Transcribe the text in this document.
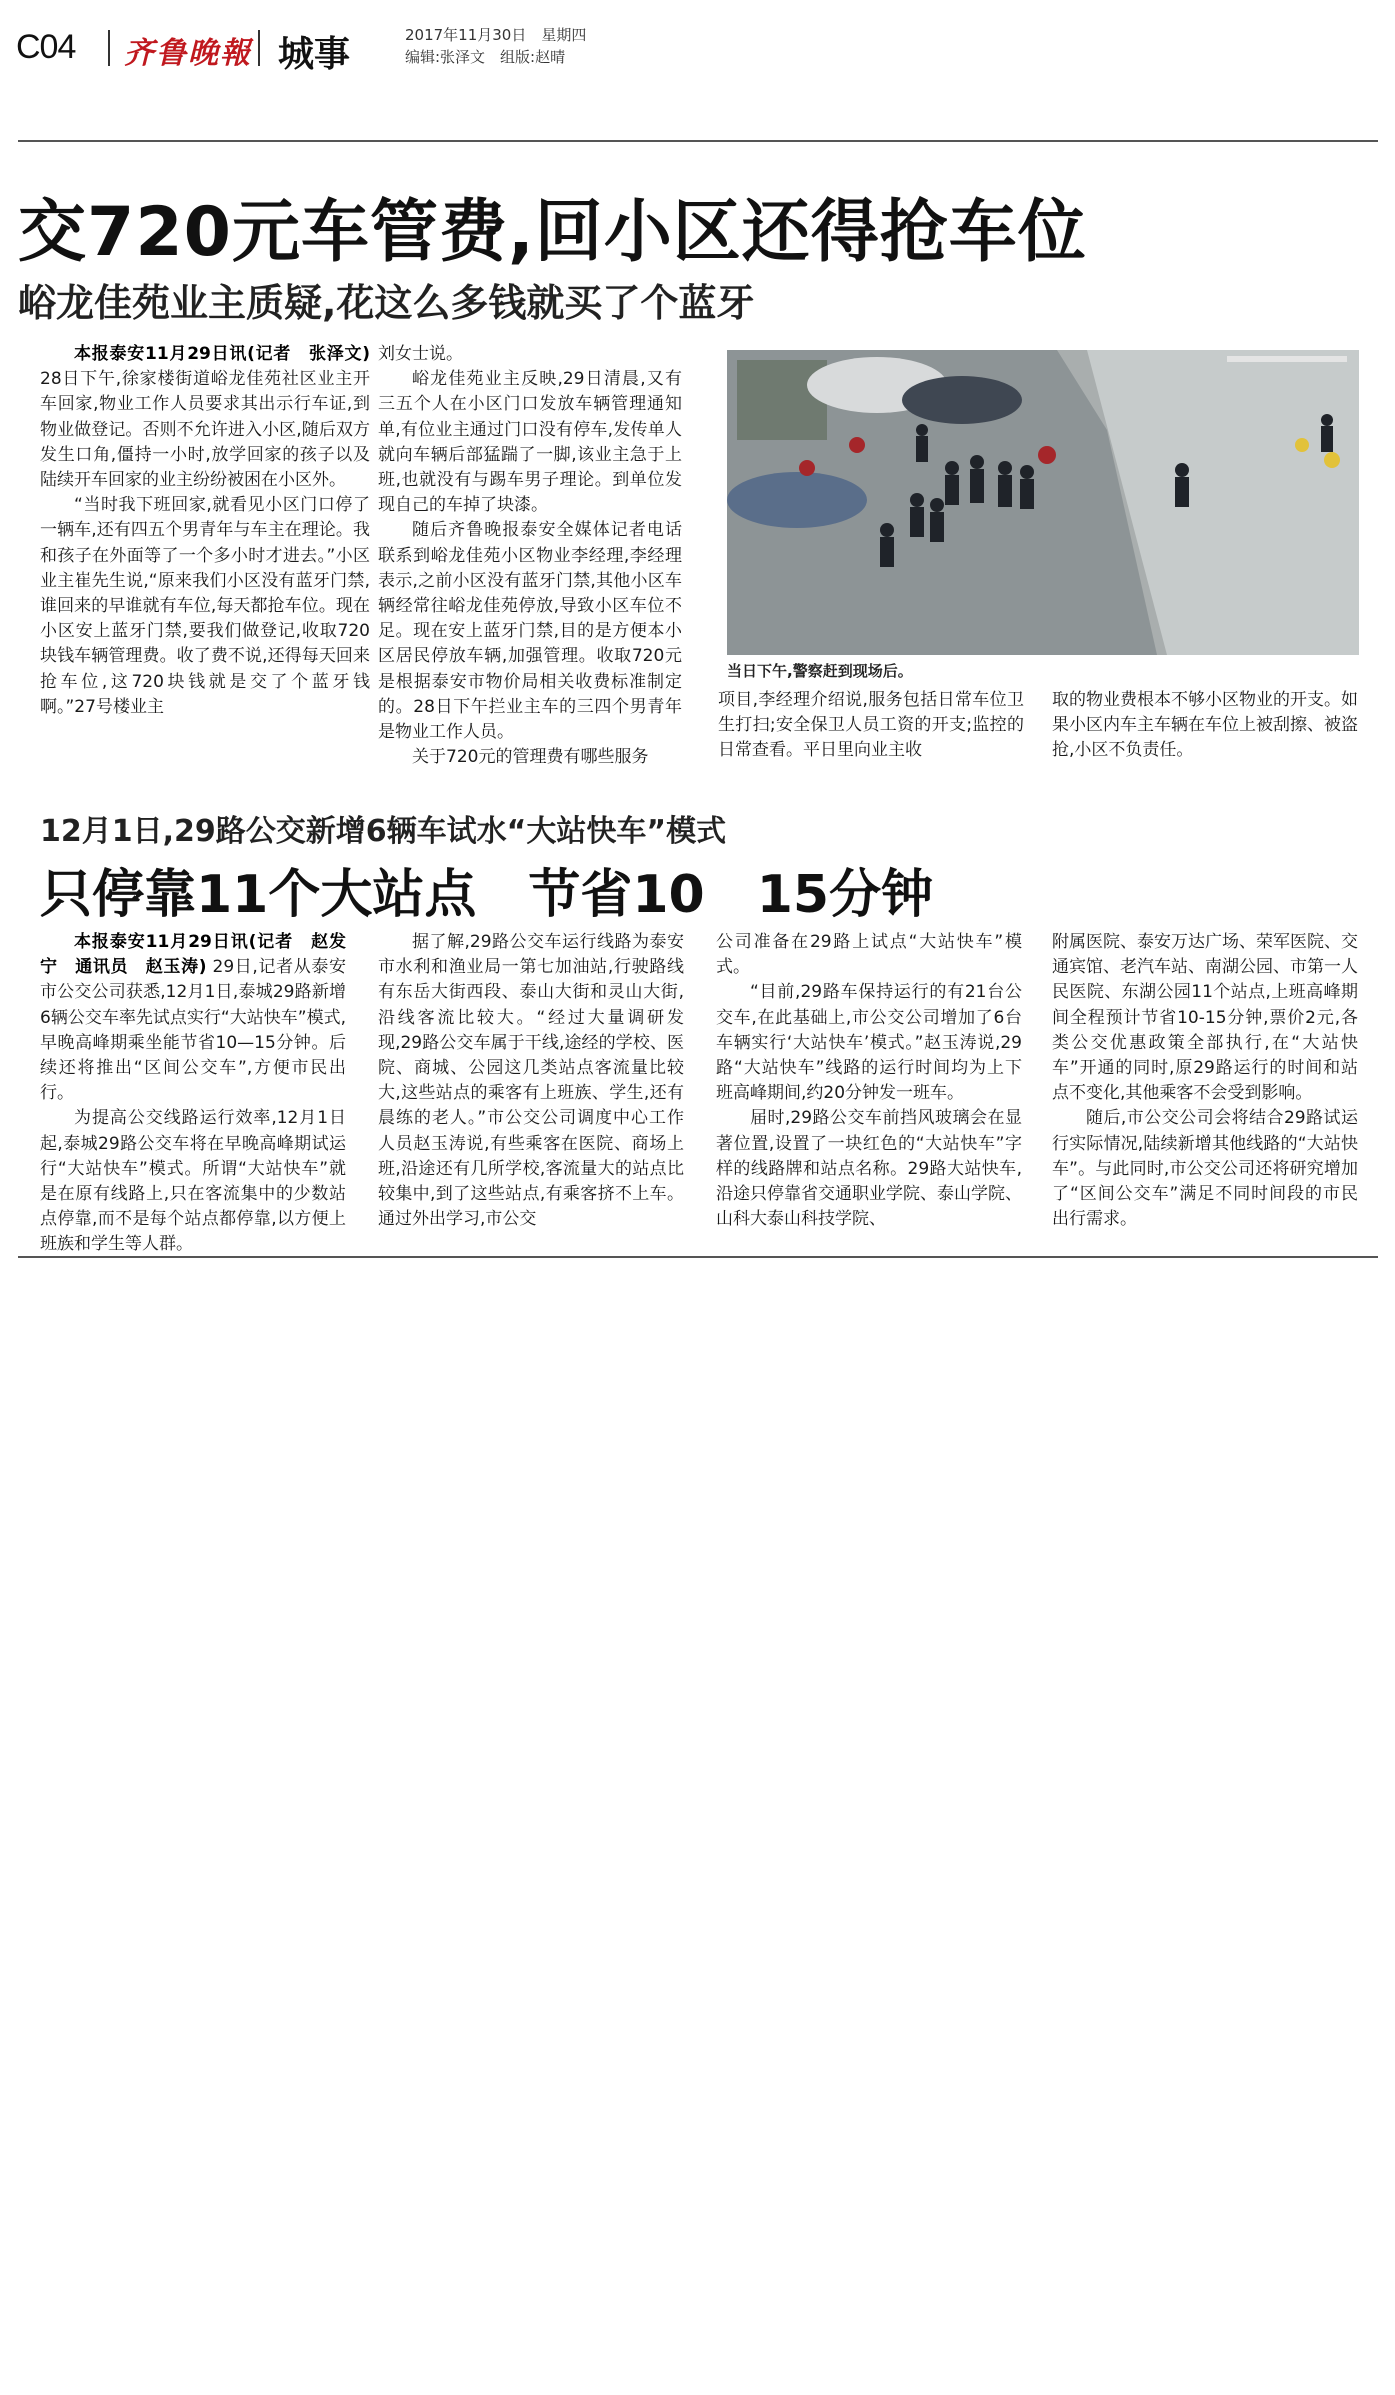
C04 齐鲁晚報 城事	2017年11月30日　星期四
编辑:张泽文　组版:赵晴
交720元车管费,回小区还得抢车位
峪龙佳苑业主质疑,花这么多钱就买了个蓝牙

本报泰安11月29日讯(记者　张泽文) 28日下午,徐家楼街道峪龙佳苑社区业主开车回家,物业工作人员要求其出示行车证,到物业做登记。否则不允许进入小区,随后双方发生口角,僵持一小时,放学回家的孩子以及陆续开车回家的业主纷纷被困在小区外。

“当时我下班回家,就看见小区门口停了一辆车,还有四五个男青年与车主在理论。我和孩子在外面等了一个多小时才进去。”小区业主崔先生说,“原来我们小区没有蓝牙门禁,谁回来的早谁就有车位,每天都抢车位。现在小区安上蓝牙门禁,要我们做登记,收取720块钱车辆管理费。收了费不说,还得每天回来抢车位,这720块钱就是交了个蓝牙钱啊。”27号楼业主

刘女士说。

峪龙佳苑业主反映,29日清晨,又有三五个人在小区门口发放车辆管理通知单,有位业主通过门口没有停车,发传单人就向车辆后部猛踹了一脚,该业主急于上班,也就没有与踢车男子理论。到单位发现自己的车掉了块漆。

随后齐鲁晚报泰安全媒体记者电话联系到峪龙佳苑小区物业李经理,李经理表示,之前小区没有蓝牙门禁,其他小区车辆经常往峪龙佳苑停放,导致小区车位不足。现在安上蓝牙门禁,目的是方便本小区居民停放车辆,加强管理。收取720元是根据泰安市物价局相关收费标准制定的。28日下午拦业主车的三四个男青年是物业工作人员。

关于720元的管理费有哪些服务

当日下午,警察赶到现场后。

项目,李经理介绍说,服务包括日常车位卫生打扫;安全保卫人员工资的开支;监控的日常查看。平日里向业主收

取的物业费根本不够小区物业的开支。如果小区内车主车辆在车位上被刮擦、被盗抢,小区不负责任。

12月1日,29路公交新增6辆车试水“大站快车”模式
只停靠11个大站点　节省10　15分钟

本报泰安11月29日讯(记者　赵发宁　通讯员　赵玉涛) 29日,记者从泰安市公交公司获悉,12月1日,泰城29路新增6辆公交车率先试点实行“大站快车”模式,早晚高峰期乘坐能节省10—15分钟。后续还将推出“区间公交车”,方便市民出行。

为提高公交线路运行效率,12月1日起,泰城29路公交车将在早晚高峰期试运行“大站快车”模式。所谓“大站快车”就是在原有线路上,只在客流集中的少数站点停靠,而不是每个站点都停靠,以方便上班族和学生等人群。

据了解,29路公交车运行线路为泰安市水利和渔业局一第七加油站,行驶路线有东岳大街西段、泰山大街和灵山大街,沿线客流比较大。“经过大量调研发现,29路公交车属于干线,途经的学校、医院、商城、公园这几类站点客流量比较大,这些站点的乘客有上班族、学生,还有晨练的老人。”市公交公司调度中心工作人员赵玉涛说,有些乘客在医院、商场上班,沿途还有几所学校,客流量大的站点比较集中,到了这些站点,有乘客挤不上车。通过外出学习,市公交

公司准备在29路上试点“大站快车”模式。

“目前,29路车保持运行的有21台公交车,在此基础上,市公交公司增加了6台车辆实行‘大站快车’模式。”赵玉涛说,29路“大站快车”线路的运行时间均为上下班高峰期间,约20分钟发一班车。

届时,29路公交车前挡风玻璃会在显著位置,设置了一块红色的“大站快车”字样的线路牌和站点名称。29路大站快车,沿途只停靠省交通职业学院、泰山学院、山科大泰山科技学院、

附属医院、泰安万达广场、荣军医院、交通宾馆、老汽车站、南湖公园、市第一人民医院、东湖公园11个站点,上班高峰期间全程预计节省10-15分钟,票价2元,各类公交优惠政策全部执行,在“大站快车”开通的同时,原29路运行的时间和站点不变化,其他乘客不会受到影响。

随后,市公交公司会将结合29路试运行实际情况,陆续新增其他线路的“大站快车”。与此同时,市公交公司还将研究增加了“区间公交车”满足不同时间段的市民出行需求。
